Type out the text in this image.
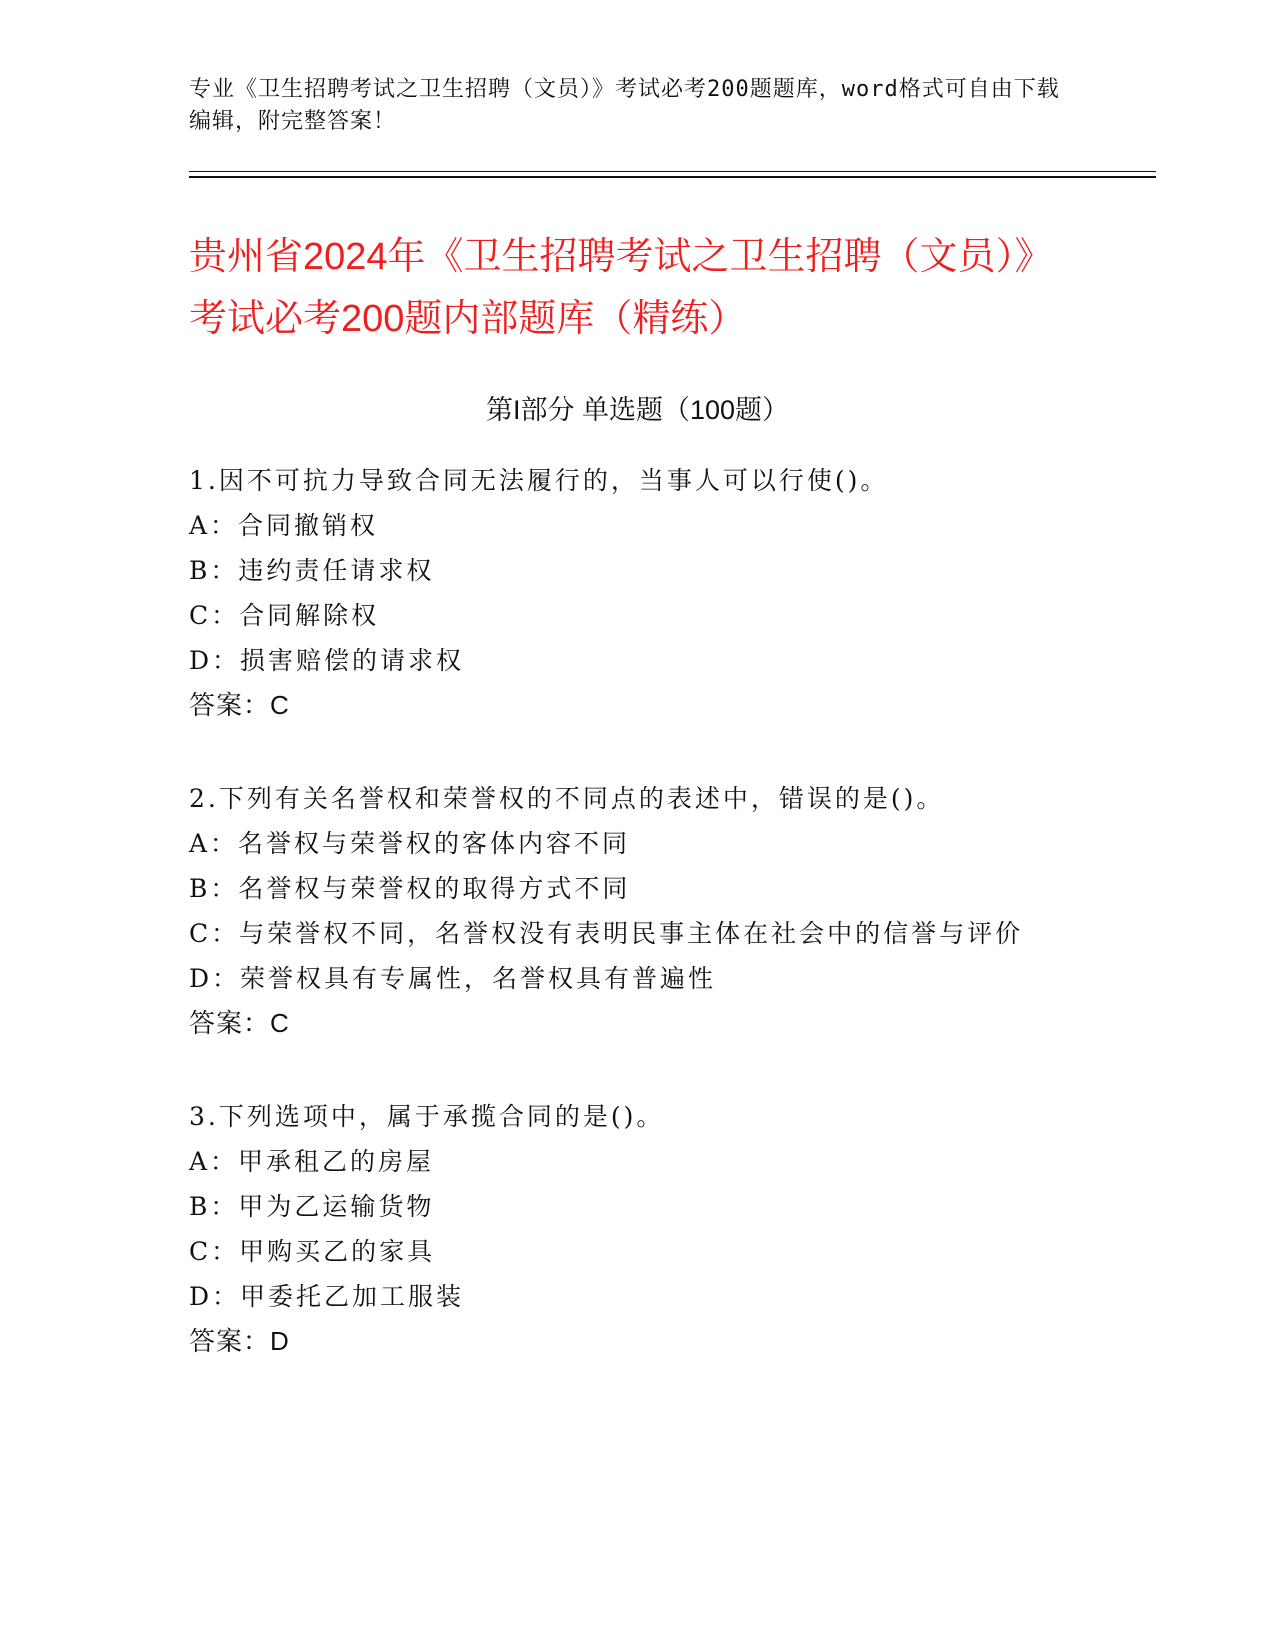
专业《卫生招聘考试之卫生招聘（文员）》考试必考200题题库，word格式可自由下载编辑，附完整答案！
贵州省2024年《卫生招聘考试之卫生招聘（文员）》考试必考200题内部题库（精练）
第I部分 单选题（100题）
1.因不可抗力导致合同无法履行的，当事人可以行使()。
A：合同撤销权
B：违约责任请求权
C：合同解除权
D：损害赔偿的请求权
答案：C
2.下列有关名誉权和荣誉权的不同点的表述中，错误的是()。
A：名誉权与荣誉权的客体内容不同
B：名誉权与荣誉权的取得方式不同
C：与荣誉权不同，名誉权没有表明民事主体在社会中的信誉与评价
D：荣誉权具有专属性，名誉权具有普遍性
答案：C
3.下列选项中，属于承揽合同的是()。
A：甲承租乙的房屋
B：甲为乙运输货物
C：甲购买乙的家具
D：甲委托乙加工服装
答案：D
